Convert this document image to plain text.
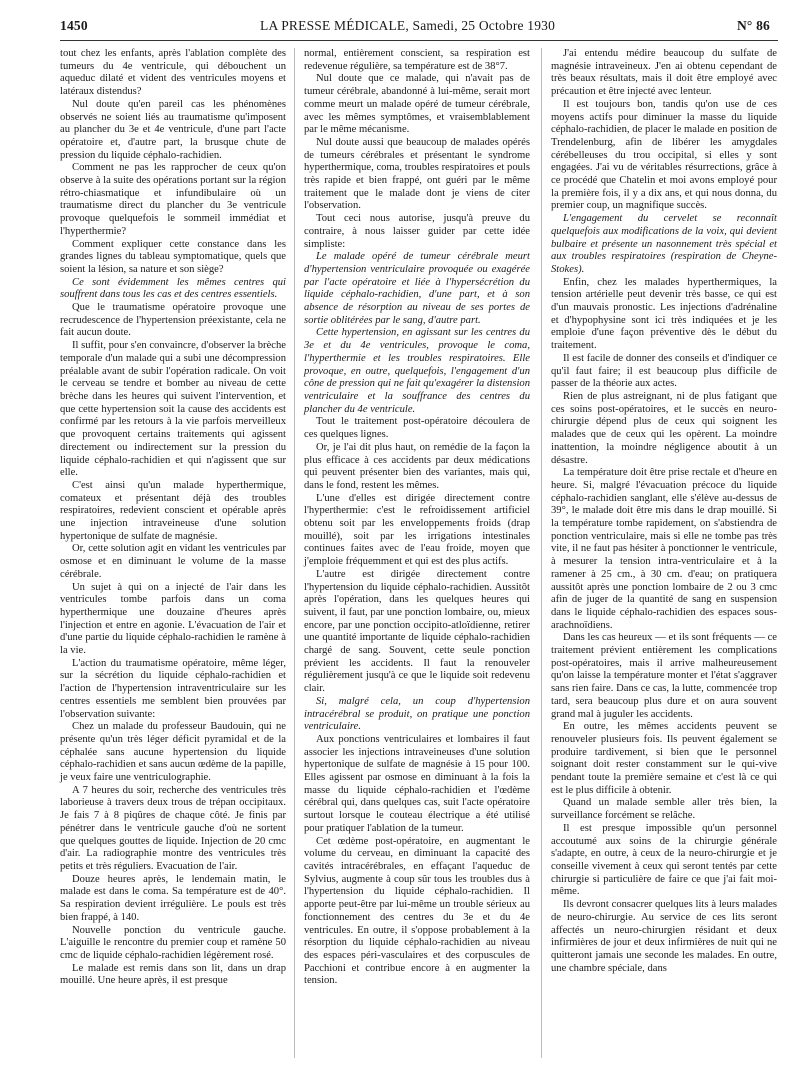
1450	LA PRESSE MÉDICALE, Samedi, 25 Octobre 1930	N° 86

tout chez les enfants, après l'ablation complète des tumeurs du 4e ventricule, qui débouchent un aqueduc dilaté et vident des ventricules moyens et latéraux distendus?

Nul doute qu'en pareil cas les phénomènes observés ne soient liés au traumatisme qu'imposent au plancher du 3e et 4e ventricule, d'une part l'acte opératoire et, d'autre part, la brusque chute de pression du liquide céphalo-rachidien.

Comment ne pas les rapprocher de ceux qu'on observe à la suite des opérations portant sur la région rétro-chiasmatique et infundibulaire où un traumatisme direct du plancher du 3e ventricule provoque quelquefois le sommeil immédiat et l'hyperthermie?

Comment expliquer cette constance dans les grandes lignes du tableau symptomatique, quels que soient la lésion, sa nature et son siège?

Ce sont évidemment les mêmes centres qui souffrent dans tous les cas et des centres essentiels.

Que le traumatisme opératoire provoque une recrudescence de l'hypertension préexistante, cela ne fait aucun doute.

Il suffit, pour s'en convaincre, d'observer la brèche temporale d'un malade qui a subi une décompression préalable avant de subir l'opération radicale. On voit le cerveau se tendre et bomber au niveau de cette brèche dans les heures qui suivent l'intervention, et que cette hypertension soit la cause des accidents est confirmé par les retours à la vie parfois merveilleux que provoquent certains traitements qui agissent directement ou indirectement sur la pression du liquide céphalo-rachidien et qui n'agissent que sur elle.

C'est ainsi qu'un malade hyperthermique, comateux et présentant déjà des troubles respiratoires, redevient conscient et opérable après une injection intraveineuse d'une solution hypertonique de sulfate de magnésie.

Or, cette solution agit en vidant les ventricules par osmose et en diminuant le volume de la masse cérébrale.

Un sujet à qui on a injecté de l'air dans les ventricules tombe parfois dans un coma hyperthermique une douzaine d'heures après l'injection et entre en agonie. L'évacuation de l'air et d'une partie du liquide céphalo-rachidien le ramène à la vie.

L'action du traumatisme opératoire, même léger, sur la sécrétion du liquide céphalo-rachidien et l'action de l'hypertension intraventriculaire sur les centres essentiels me semblent bien prouvées par l'observation suivante:

Chez un malade du professeur Baudouin, qui ne présente qu'un très léger déficit pyramidal et de la céphalée sans aucune hypertension du liquide céphalo-rachidien et sans aucun œdème de la papille, je veux faire une ventriculographie.

A 7 heures du soir, recherche des ventricules très laborieuse à travers deux trous de trépan occipitaux. Je fais 7 à 8 piqûres de chaque côté. Je finis par pénétrer dans le ventricule gauche d'où ne sortent que quelques gouttes de liquide. Injection de 20 cmc d'air. La radiographie montre des ventricules très petits et très réguliers. Evacuation de l'air.

Douze heures après, le lendemain matin, le malade est dans le coma. Sa température est de 40°. Sa respiration devient irrégulière. Le pouls est très bien frappé, à 140.

Nouvelle ponction du ventricule gauche. L'aiguille le rencontre du premier coup et ramène 50 cmc de liquide céphalo-rachidien légèrement rosé.

Le malade est remis dans son lit, dans un drap mouillé. Une heure après, il est presque

normal, entièrement conscient, sa respiration est redevenue régulière, sa température est de 38°7.

Nul doute que ce malade, qui n'avait pas de tumeur cérébrale, abandonné à lui-même, serait mort comme meurt un malade opéré de tumeur cérébrale, avec les mêmes symptômes, et vraisemblablement par le même mécanisme.

Nul doute aussi que beaucoup de malades opérés de tumeurs cérébrales et présentant le syndrome hyperthermique, coma, troubles respiratoires et pouls très rapide et bien frappé, ont guéri par le même traitement que le malade dont je viens de citer l'observation.

Tout ceci nous autorise, jusqu'à preuve du contraire, à nous laisser guider par cette idée simpliste:

Le malade opéré de tumeur cérébrale meurt d'hypertension ventriculaire provoquée ou exagérée par l'acte opératoire et liée à l'hypersécrétion du liquide céphalo-rachidien, d'une part, et à son absence de résorption au niveau de ses portes de sortie oblitérées par le sang, d'autre part.

Cette hypertension, en agissant sur les centres du 3e et du 4e ventricules, provoque le coma, l'hyperthermie et les troubles respiratoires. Elle provoque, en outre, quelquefois, l'engagement d'un cône de pression qui ne fait qu'exagérer la distension ventriculaire et la souffrance des centres du plancher du 4e ventricule.

Tout le traitement post-opératoire découlera de ces quelques lignes.

Or, je l'ai dit plus haut, on remédie de la façon la plus efficace à ces accidents par deux médications qui peuvent présenter bien des variantes, mais qui, dans le fond, restent les mêmes.

L'une d'elles est dirigée directement contre l'hyperthermie: c'est le refroidissement artificiel obtenu soit par les enveloppements froids (drap mouillé), soit par les irrigations intestinales continues faites avec de l'eau froide, moyen que j'emploie fréquemment et qui est des plus actifs.

L'autre est dirigée directement contre l'hypertension du liquide céphalo-rachidien. Aussitôt après l'opération, dans les quelques heures qui suivent, il faut, par une ponction lombaire, ou, mieux encore, par une ponction occipito-atloïdienne, retirer une quantité importante de liquide céphalo-rachidien chargé de sang. Souvent, cette seule ponction prévient les accidents. Il faut la renouveler régulièrement jusqu'à ce que le liquide soit redevenu clair.

Si, malgré cela, un coup d'hypertension intracérébral se produit, on pratique une ponction ventriculaire.

Aux ponctions ventriculaires et lombaires il faut associer les injections intraveineuses d'une solution hypertonique de sulfate de magnésie à 15 pour 100. Elles agissent par osmose en diminuant à la fois la masse du liquide céphalo-rachidien et l'œdème cérébral qui, dans quelques cas, suit l'acte opératoire surtout lorsque le couteau électrique a été utilisé pour pratiquer l'ablation de la tumeur.

Cet œdème post-opératoire, en augmentant le volume du cerveau, en diminuant la capacité des cavités intracérébrales, en effaçant l'aqueduc de Sylvius, augmente à coup sûr tous les troubles dus à l'hypertension du liquide céphalo-rachidien. Il apporte peut-être par lui-même un trouble sérieux au fonctionnement des centres du 3e et du 4e ventricules. En outre, il s'oppose probablement à la résorption du liquide céphalo-rachidien au niveau des espaces péri-vasculaires et des corpuscules de Pacchioni et contribue encore à en augmenter la tension.

J'ai entendu médire beaucoup du sulfate de magnésie intraveineux. J'en ai obtenu cependant de très beaux résultats, mais il doit être employé avec précaution et être injecté avec lenteur.

Il est toujours bon, tandis qu'on use de ces moyens actifs pour diminuer la masse du liquide céphalo-rachidien, de placer le malade en position de Trendelenburg, afin de libérer les amygdales cérébelleuses du trou occipital, si elles y sont engagées. J'ai vu de véritables résurrections, grâce à ce procédé que Chatelin et moi avons employé pour la première fois, il y a dix ans, et qui nous donna, du premier coup, un magnifique succès.

L'engagement du cervelet se reconnaît quelquefois aux modifications de la voix, qui devient bulbaire et présente un nasonnement très spécial et aux troubles respiratoires (respiration de Cheyne-Stokes).

Enfin, chez les malades hyperthermiques, la tension artérielle peut devenir très basse, ce qui est d'un mauvais pronostic. Les injections d'adrénaline et d'hypophysine sont ici très indiquées et je les emploie d'une façon préventive dès le début du traitement.

Il est facile de donner des conseils et d'indiquer ce qu'il faut faire; il est beaucoup plus difficile de passer de la théorie aux actes.

Rien de plus astreignant, ni de plus fatigant que ces soins post-opératoires, et le succès en neuro-chirurgie dépend plus de ceux qui soignent les malades que de ceux qui les opèrent. La moindre inattention, la moindre négligence aboutit à un désastre.

La température doit être prise rectale et d'heure en heure. Si, malgré l'évacuation précoce du liquide céphalo-rachidien sanglant, elle s'élève au-dessus de 39°, le malade doit être mis dans le drap mouillé. Si la température tombe rapidement, on s'abstiendra de ponction ventriculaire, mais si elle ne tombe pas très vite, il ne faut pas hésiter à ponctionner le ventricule, à mesurer la tension intra-ventriculaire et à la ramener à 25 cm., à 30 cm. d'eau; on pratiquera aussitôt après une ponction lombaire de 2 ou 3 cmc afin de juger de la quantité de sang en suspension dans le liquide céphalo-rachidien des espaces sous-arachnoïdiens.

Dans les cas heureux — et ils sont fréquents — ce traitement prévient entièrement les complications post-opératoires, mais il arrive malheureusement qu'on laisse la température monter et l'état s'aggraver sans rien faire. Dans ce cas, la lutte, commencée trop tard, sera beaucoup plus dure et on aura souvent grand mal à juguler les accidents.

En outre, les mêmes accidents peuvent se renouveler plusieurs fois. Ils peuvent également se produire tardivement, si bien que le personnel soignant doit rester constamment sur le qui-vive pendant toute la première semaine et c'est là ce qui est le plus difficile à obtenir.

Quand un malade semble aller très bien, la surveillance forcément se relâche.

Il est presque impossible qu'un personnel accoutumé aux soins de la chirurgie générale s'adapte, en outre, à ceux de la neuro-chirurgie et je conseille vivement à ceux qui seront tentés par cette chirurgie si particulière de faire ce que j'ai fait moi-même.

Ils devront consacrer quelques lits à leurs malades de neuro-chirurgie. Au service de ces lits seront affectés un neuro-chirurgien résidant et deux infirmières de jour et deux infirmières de nuit qui ne quitteront jamais une seconde les malades. En outre, une chambre spéciale, dans
